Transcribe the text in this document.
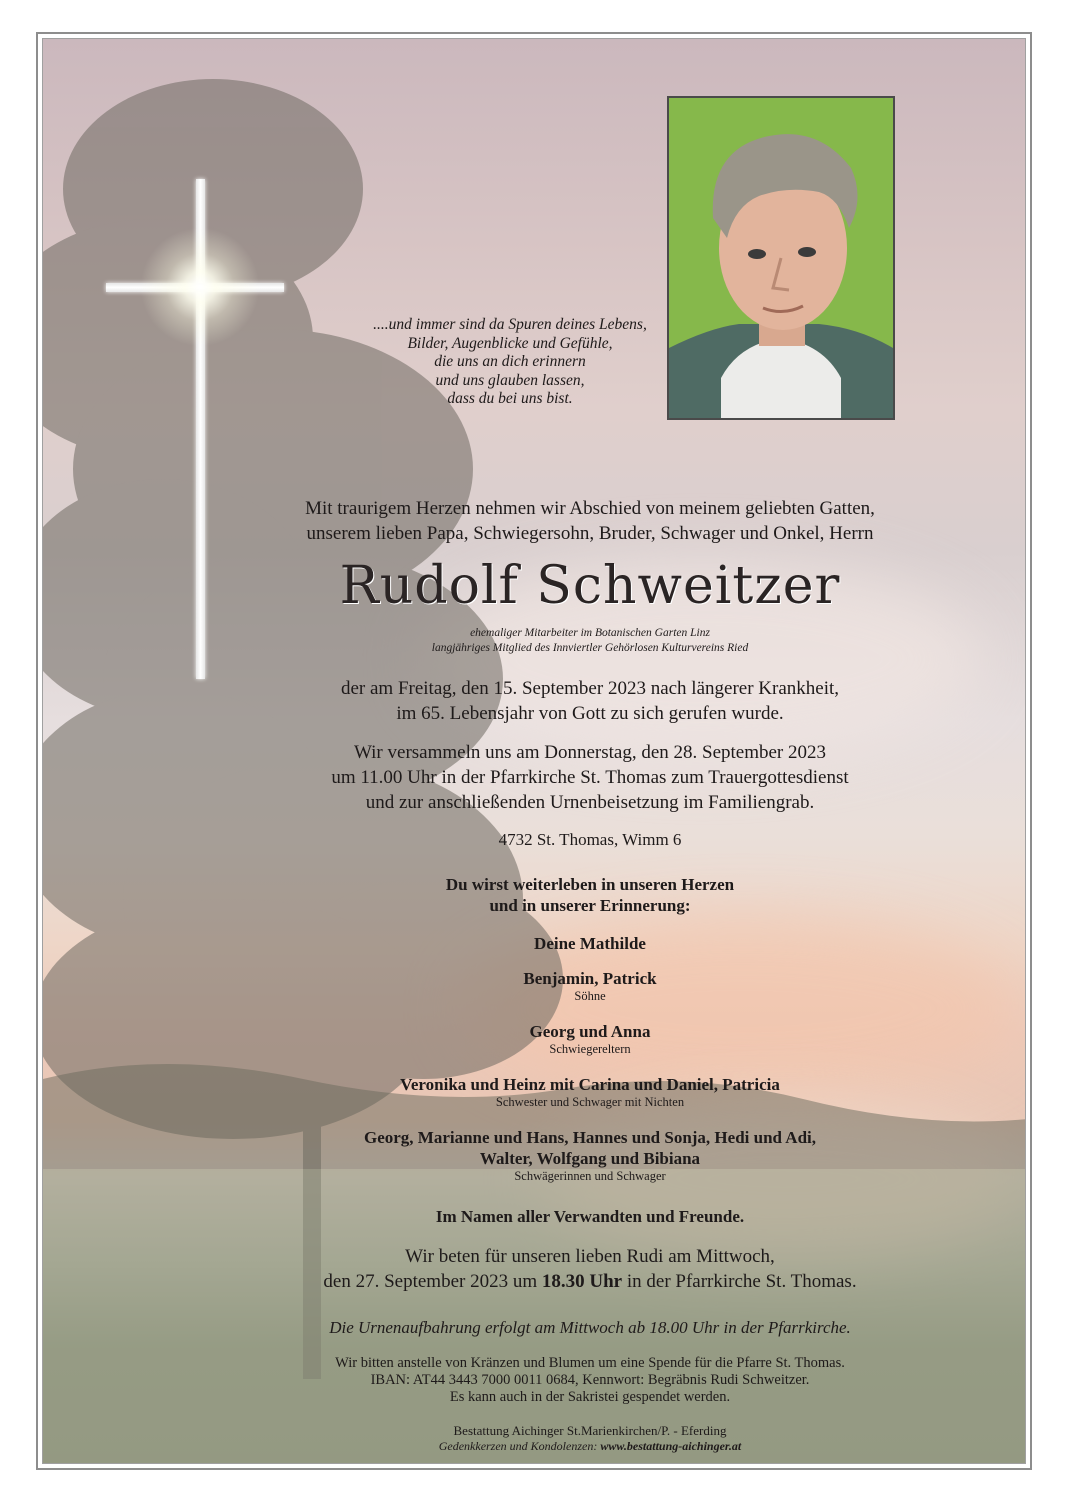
....und immer sind da Spuren deines Lebens,
Bilder, Augenblicke und Gefühle,
die uns an dich erinnern
und uns glauben lassen,
dass du bei uns bist.
Mit traurigem Herzen nehmen wir Abschied von meinem geliebten Gatten,
unserem lieben Papa, Schwiegersohn, Bruder, Schwager und Onkel, Herrn
Rudolf Schweitzer
ehemaliger Mitarbeiter im Botanischen Garten Linz
langjähriges Mitglied des Innviertler Gehörlosen Kulturvereins Ried
der am Freitag, den 15. September 2023 nach längerer Krankheit,
im 65. Lebensjahr von Gott zu sich gerufen wurde.
Wir versammeln uns am Donnerstag, den 28. September 2023
um 11.00 Uhr in der Pfarrkirche St. Thomas zum Trauergottesdienst
und zur anschließenden Urnenbeisetzung im Familiengrab.
4732 St. Thomas, Wimm 6
Du wirst weiterleben in unseren Herzen
und in unserer Erinnerung:
Deine Mathilde
Benjamin, Patrick
Söhne
Georg und Anna
Schwiegereltern
Veronika und Heinz mit Carina und Daniel, Patricia
Schwester und Schwager mit Nichten
Georg, Marianne und Hans, Hannes und Sonja, Hedi und Adi,
Walter, Wolfgang und Bibiana
Schwägerinnen und Schwager
Im Namen aller Verwandten und Freunde.
Wir beten für unseren lieben Rudi am Mittwoch,
den 27. September 2023 um 18.30 Uhr in der Pfarrkirche St. Thomas.
Die Urnenaufbahrung erfolgt am Mittwoch ab 18.00 Uhr in der Pfarrkirche.
Wir bitten anstelle von Kränzen und Blumen um eine Spende für die Pfarre St. Thomas.
IBAN: AT44 3443 7000 0011 0684, Kennwort: Begräbnis Rudi Schweitzer.
Es kann auch in der Sakristei gespendet werden.
Bestattung Aichinger St.Marienkirchen/P. - Eferding
Gedenkkerzen und Kondolenzen: www.bestattung-aichinger.at
